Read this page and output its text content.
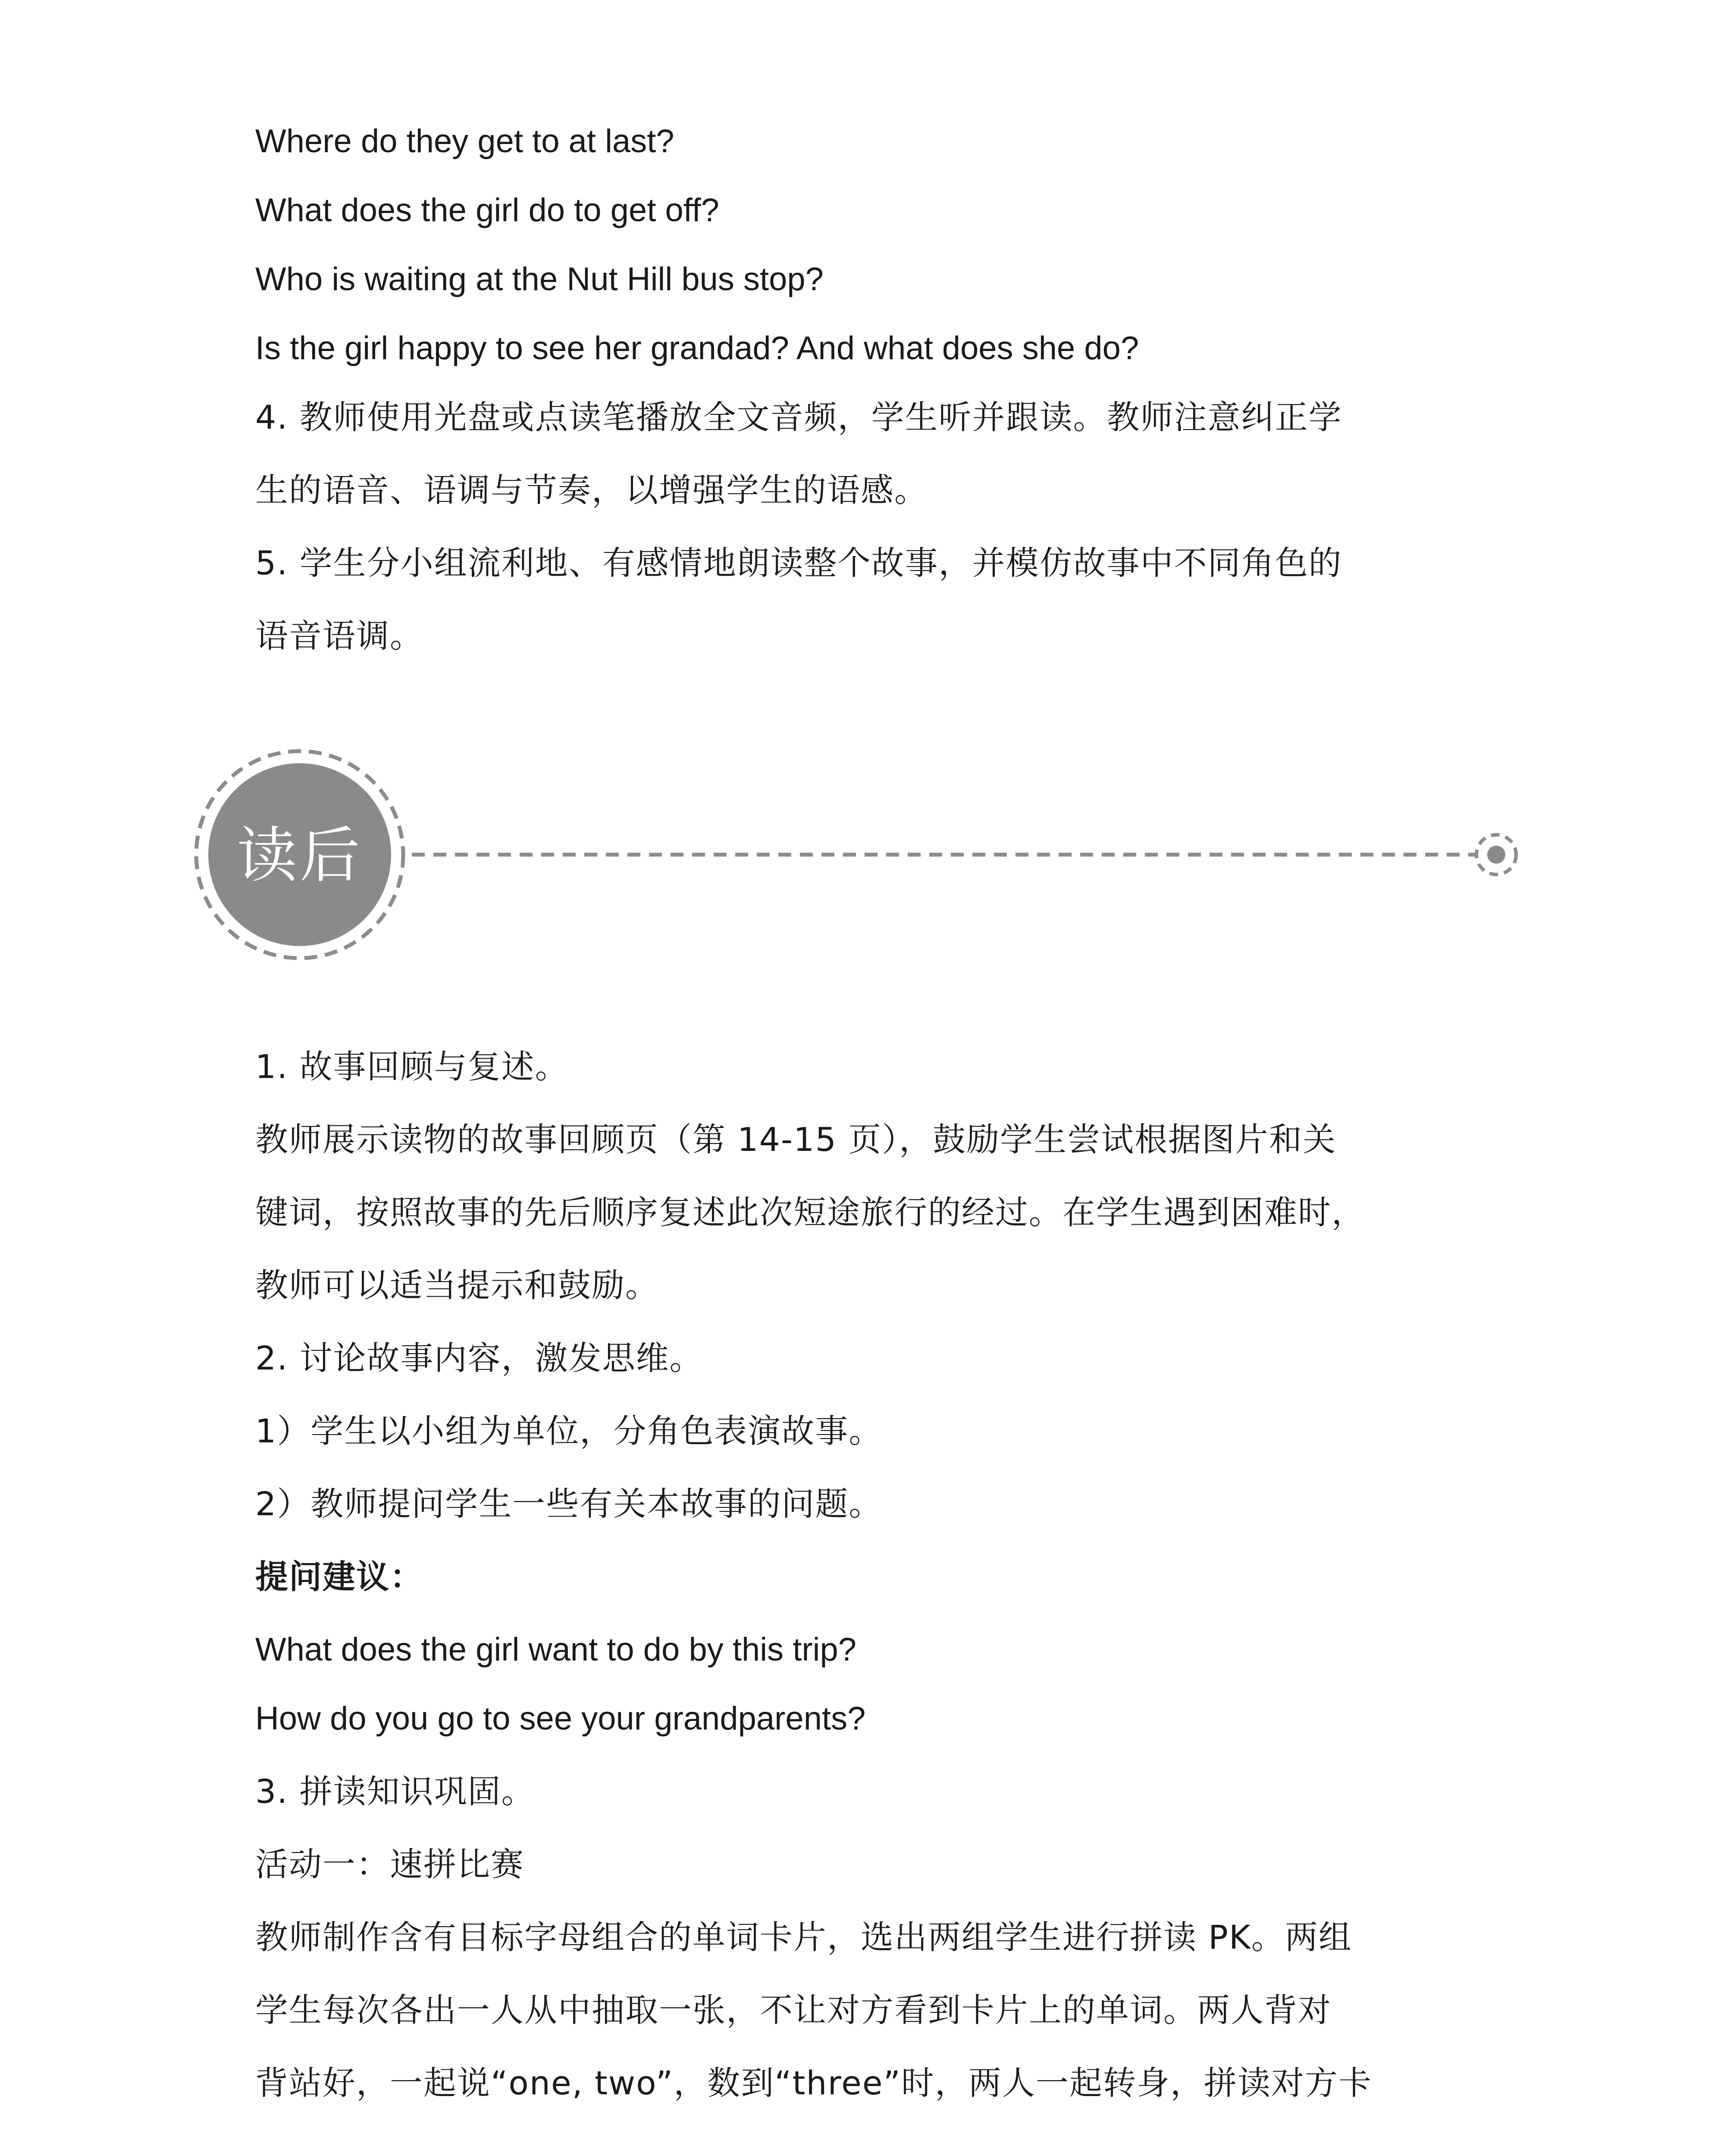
Where do they get to at last?
What does the girl do to get off?
Who is waiting at the Nut Hill bus stop?
Is the girl happy to see her grandad? And what does she do?
4. 教师使用光盘或点读笔播放全文音频，学生听并跟读。教师注意纠正学
生的语音、语调与节奏，以增强学生的语感。
5. 学生分小组流利地、有感情地朗读整个故事，并模仿故事中不同角色的
语音语调。
读后
1. 故事回顾与复述。
教师展示读物的故事回顾页（第 14-15 页），鼓励学生尝试根据图片和关
键词，按照故事的先后顺序复述此次短途旅行的经过。在学生遇到困难时，
教师可以适当提示和鼓励。
2. 讨论故事内容，激发思维。
1）学生以小组为单位，分角色表演故事。
2）教师提问学生一些有关本故事的问题。
提问建议：
What does the girl want to do by this trip?
How do you go to see your grandparents?
3. 拼读知识巩固。
活动一：速拼比赛
教师制作含有目标字母组合的单词卡片，选出两组学生进行拼读 PK。两组
学生每次各出一人从中抽取一张，不让对方看到卡片上的单词。两人背对
背站好，一起说“one, two”，数到“three”时，两人一起转身，拼读对方卡
